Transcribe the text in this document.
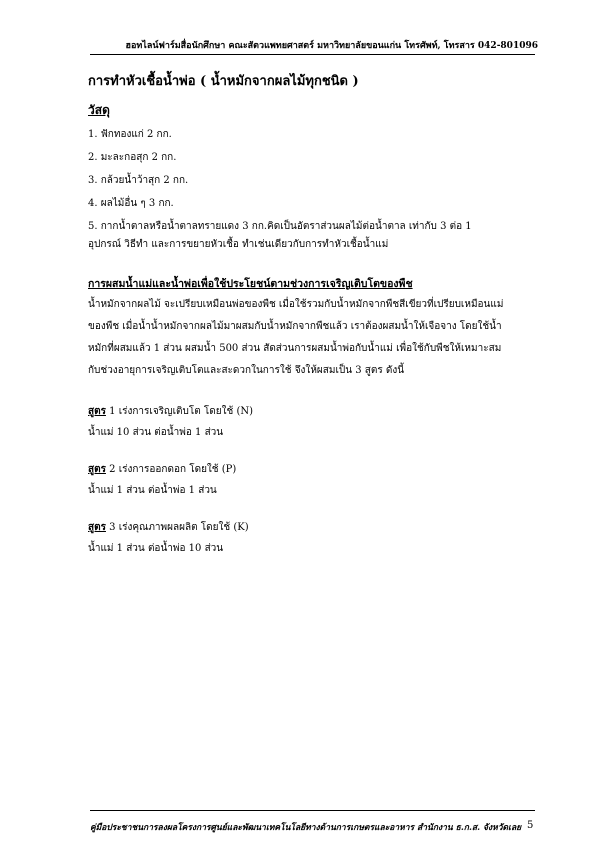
ฮอทไลน์ฟาร์มสื่อนักศึกษา คณะสัตวแพทยศาสตร์ มหาวิทยาลัยขอนแก่น โทรศัพท์, โทรสาร 042-801096
การทำหัวเชื้อน้ำพ่อ ( น้ำหมักจากผลไม้ทุกชนิด )
วัสดุ
1. ฟักทองแก่ 2 กก.
2. มะละกอสุก 2 กก.
3. กล้วยน้ำว้าสุก 2 กก.
4. ผลไม้อื่น ๆ 3 กก.
5. กากน้ำตาลหรือน้ำตาลทรายแดง 3 กก.คิดเป็นอัตราส่วนผลไม้ต่อน้ำตาล เท่ากับ 3 ต่อ 1
อุปกรณ์ วิธีทำ และการขยายหัวเชื้อ ทำเช่นเดียวกับการทำหัวเชื้อน้ำแม่
การผสมน้ำแม่และน้ำพ่อเพื่อใช้ประโยชน์ตามช่วงการเจริญเติบโตของพืช
น้ำหมักจากผลไม้ จะเปรียบเหมือนพ่อของพืช เมื่อใช้รวมกับน้ำหมักจากพืชสีเขียวที่เปรียบเหมือนแม่
ของพืช เมื่อน้ำน้ำหมักจากผลไม้มาผสมกับน้ำหมักจากพืชแล้ว เราต้องผสมน้ำให้เจือจาง โดยใช้น้ำ
หมักที่ผสมแล้ว 1 ส่วน ผสมน้ำ 500 ส่วน สัดส่วนการผสมน้ำพ่อกับน้ำแม่ เพื่อใช้กับพืชให้เหมาะสม
กับช่วงอายุการเจริญเติบโตและสะดวกในการใช้ จึงให้ผสมเป็น 3 สูตร ดังนี้
สูตร 1 เร่งการเจริญเติบโต โดยใช้ (N)
น้ำแม่ 10 ส่วน ต่อน้ำพ่อ 1 ส่วน
สูตร 2 เร่งการออกดอก โดยใช้ (P)
น้ำแม่ 1 ส่วน ต่อน้ำพ่อ 1 ส่วน
สูตร 3 เร่งคุณภาพผลผลิต โดยใช้ (K)
น้ำแม่ 1 ส่วน ต่อน้ำพ่อ 10 ส่วน
คู่มือประชาชนการลงผลโครงการศูนย์และพัฒนาเทคโนโลยีทางด้านการเกษตรและอาหาร สำนักงาน ธ.ก.ส. จังหวัดเลย 5
